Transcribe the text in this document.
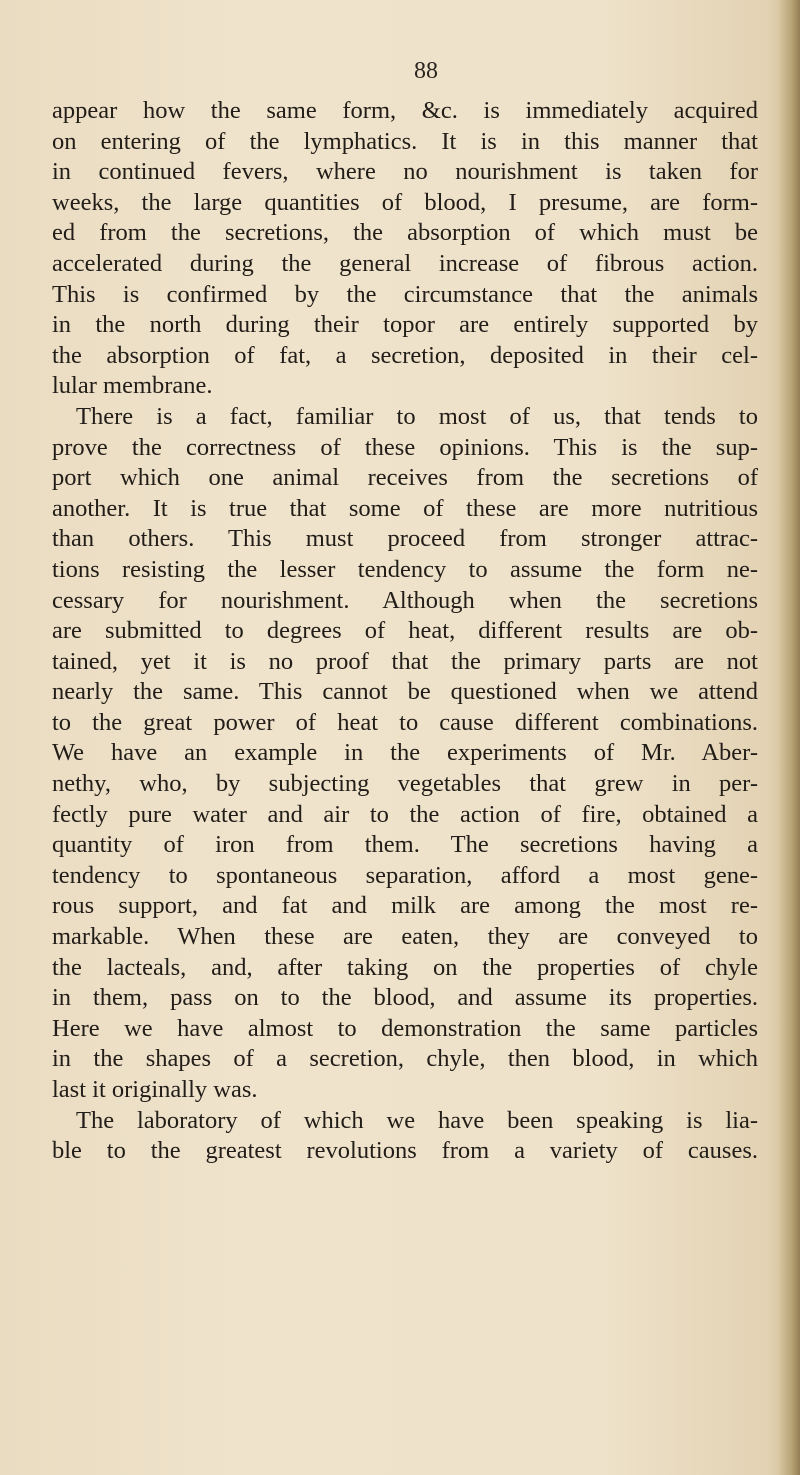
88
appear how the same form, &c. is immediately acquired
on entering of the lymphatics. It is in this manner that
in continued fevers, where no nourishment is taken for
weeks, the large quantities of blood, I presume, are form-
ed from the secretions, the absorption of which must be
accelerated during the general increase of fibrous action.
This is confirmed by the circumstance that the animals
in the north during their topor are entirely supported by
the absorption of fat, a secretion, deposited in their cel-
lular membrane.
There is a fact, familiar to most of us, that tends to
prove the correctness of these opinions. This is the sup-
port which one animal receives from the secretions of
another. It is true that some of these are more nutritious
than others. This must proceed from stronger attrac-
tions resisting the lesser tendency to assume the form ne-
cessary for nourishment. Although when the secretions
are submitted to degrees of heat, different results are ob-
tained, yet it is no proof that the primary parts are not
nearly the same. This cannot be questioned when we attend
to the great power of heat to cause different combinations.
We have an example in the experiments of Mr. Aber-
nethy, who, by subjecting vegetables that grew in per-
fectly pure water and air to the action of fire, obtained a
quantity of iron from them. The secretions having a
tendency to spontaneous separation, afford a most gene-
rous support, and fat and milk are among the most re-
markable. When these are eaten, they are conveyed to
the lacteals, and, after taking on the properties of chyle
in them, pass on to the blood, and assume its properties.
Here we have almost to demonstration the same particles
in the shapes of a secretion, chyle, then blood, in which
last it originally was.
The laboratory of which we have been speaking is lia-
ble to the greatest revolutions from a variety of causes.
